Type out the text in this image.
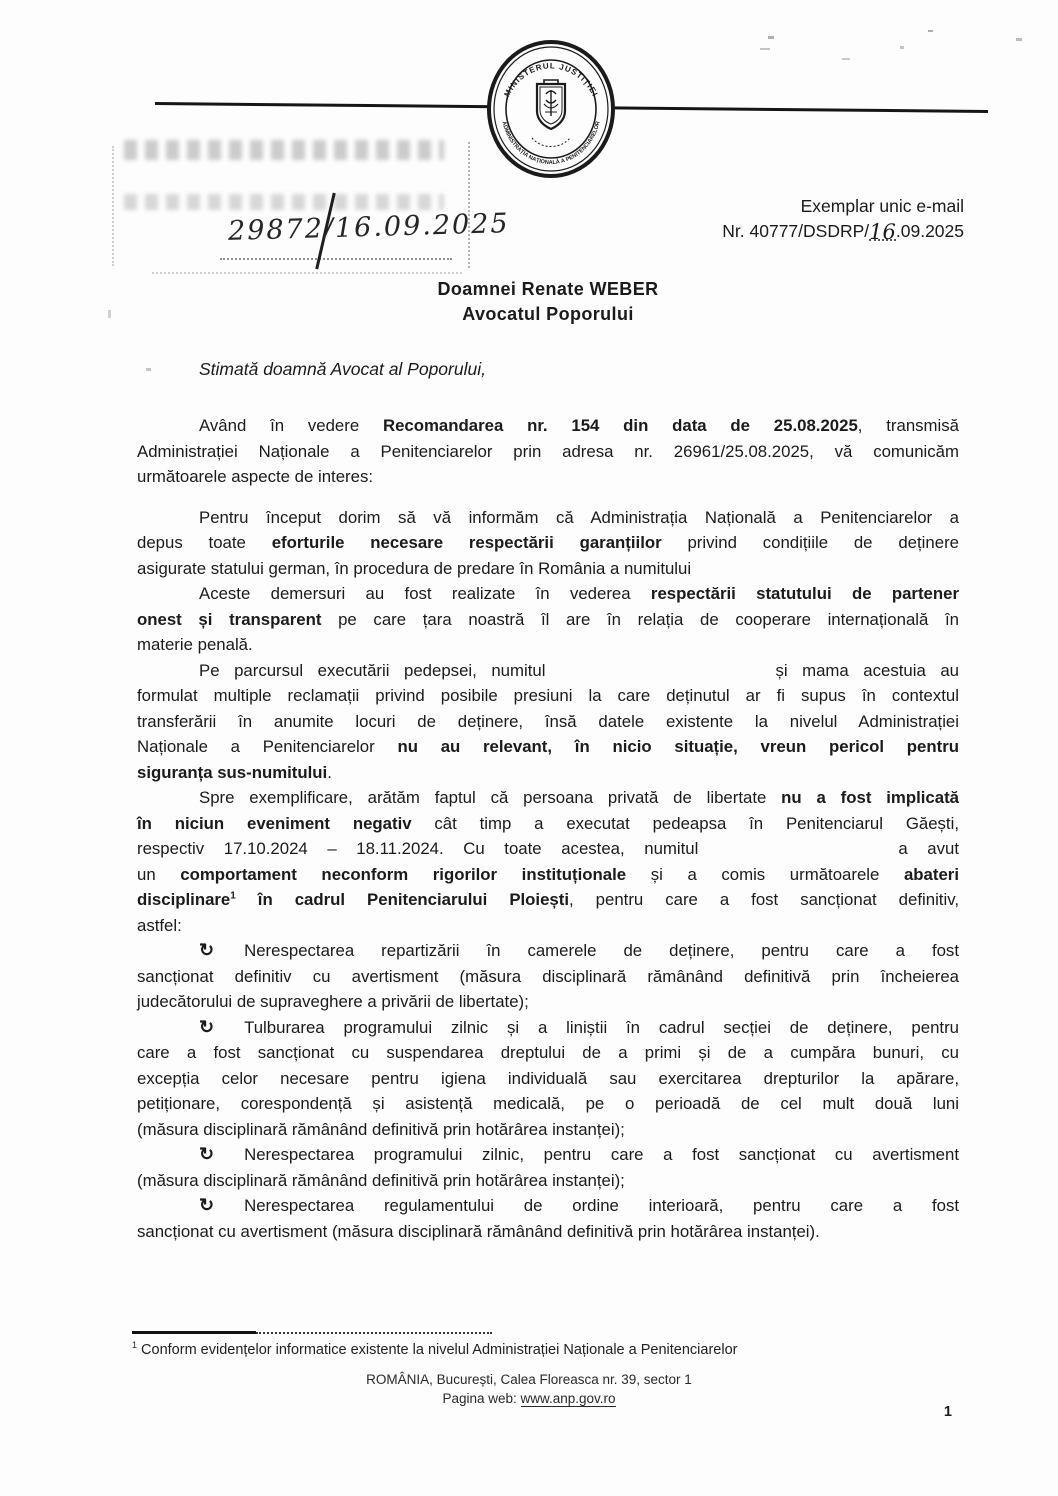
MINISTERUL JUSTIȚIEI
ADMINISTRAȚIA NAȚIONALĂ A PENITENCIARELOR
29872/16.09.2025
Exemplar unic e-mail
Nr. 40777/DSDRP/16.09.2025
Doamnei Renate WEBER
Avocatul Poporului
Stimată doamnă Avocat al Poporului,
Având în vedere Recomandarea nr. 154 din data de 25.08.2025, transmisă
Administrației Naționale a Penitenciarelor prin adresa nr. 26961/25.08.2025, vă comunicăm
următoarele aspecte de interes:
Pentru început dorim să vă informăm că Administrația Națională a Penitenciarelor a
depus toate eforturile necesare respectării garanțiilor privind condițiile de deținere
asigurate statului german, în procedura de predare în România a numitului
Aceste demersuri au fost realizate în vederea respectării statutului de partener
onest și transparent pe care țara noastră îl are în relația de cooperare internațională în
materie penală.
Pe parcursul executării pedepsei, numitul	și mama acestuia au
formulat multiple reclamații privind posibile presiuni la care deținutul ar fi supus în contextul
transferării în anumite locuri de deținere, însă datele existente la nivelul Administrației
Naționale a Penitenciarelor nu au relevant, în nicio situație, vreun pericol pentru
siguranța sus-numitului.
Spre exemplificare, arătăm faptul că persoana privată de libertate nu a fost implicată
în niciun eveniment negativ cât timp a executat pedeapsa în Penitenciarul Găești,
respectiv 17.10.2024 – 18.11.2024. Cu toate acestea, numitul	a avut
un comportament neconform rigorilor instituționale și a comis următoarele abateri
disciplinare$^1$ în cadrul Penitenciarului Ploiești, pentru care a fost sancționat definitiv,
astfel:
↻ Nerespectarea repartizării în camerele de deținere, pentru care a fost
sancționat definitiv cu avertisment (măsura disciplinară rămânând definitivă prin încheierea
judecătorului de supraveghere a privării de libertate);
↻ Tulburarea programului zilnic și a liniștii în cadrul secției de deținere, pentru
care a fost sancționat cu suspendarea dreptului de a primi și de a cumpăra bunuri, cu
excepția celor necesare pentru igiena individuală sau exercitarea drepturilor la apărare,
petiționare, corespondență și asistență medicală, pe o perioadă de cel mult două luni
(măsura disciplinară rămânând definitivă prin hotărârea instanței);
↻ Nerespectarea programului zilnic, pentru care a fost sancționat cu avertisment
(măsura disciplinară rămânând definitivă prin hotărârea instanței);
↻ Nerespectarea regulamentului de ordine interioară, pentru care a fost
sancționat cu avertisment (măsura disciplinară rămânând definitivă prin hotărârea instanței).
$^1$ Conform evidențelor informatice existente la nivelul Administrației Naționale a Penitenciarelor
ROMÂNIA, București, Calea Floreasca nr. 39, sector 1
Pagina web: www.anp.gov.ro
1
